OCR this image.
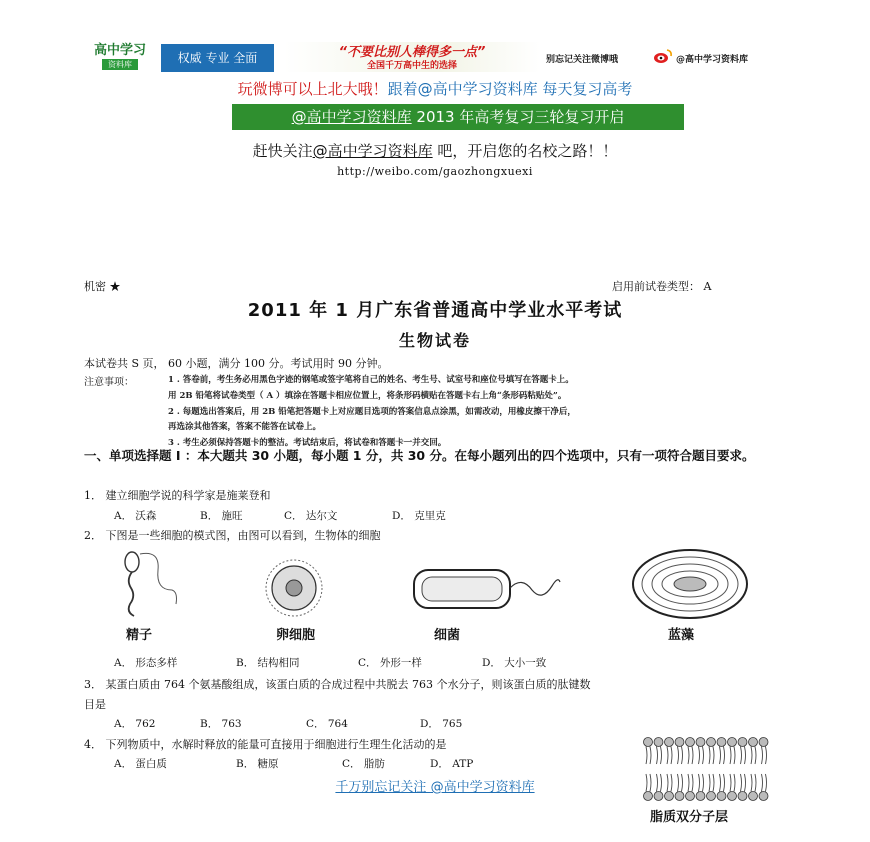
高中学习
资料库	权威 专业 全面	“不要比别人棒得多一点”
全国千万高中生的选择
别忘记关注微博哦	@高中学习资料库
玩微博可以上北大哦！跟着@高中学习资料库 每天复习高考
@高中学习资料库 2013 年高考复习三轮复习开启
赶快关注@高中学习资料库 吧，开启您的名校之路！！
http://weibo.com/gaozhongxuexi
机密 ★	启用前试卷类型： A
2011 年 1 月广东省普通高中学业水平考试
生物试卷
本试卷共 S 页， 60 小题，满分 100 分。考试用时 90 分钟。
注意事项：	1 . 答卷前，考生务必用黑色字迹的钢笔或签字笔将自己的姓名、考生号、试室号和座位号填写在答题卡上。
用 2B 铅笔将试卷类型（ A ）填涂在答题卡相应位置上，将条形码横贴在答题卡右上角“条形码粘贴处”。
2 . 每题选出答案后，用 2B 铅笔把答题卡上对应题目选项的答案信息点涂黑，如需改动，用橡皮擦干净后，
再选涂其他答案，答案不能答在试卷上。
3 . 考生必须保持答题卡的整洁。考试结束后，将试卷和答题卡一并交回。
一、单项选择题 Ⅰ ：本大题共 30 小题，每小题 1 分，共 30 分。在每小题列出的四个选项中，只有一项符合题目要求。
1． 建立细胞学说的科学家是施莱登和
A． 沃森	B． 施旺	C． 达尔文	D． 克里克
2． 下图是一些细胞的模式图，由图可以看到，生物体的细胞
精子	卵细胞	细菌	蓝藻
A． 形态多样	B． 结构相同	C． 外形一样	D． 大小一致
3． 某蛋白质由 764 个氨基酸组成，该蛋白质的合成过程中共脱去 763 个水分子，则该蛋白质的肽键数
目是
A． 762	B． 763	C． 764	D． 765
4． 下列物质中，水解时释放的能量可直接用于细胞进行生理生化活动的是
A． 蛋白质	B． 糖原	C． 脂肪	D． ATP
脂质双分子层
千万别忘记关注 @高中学习资料库
